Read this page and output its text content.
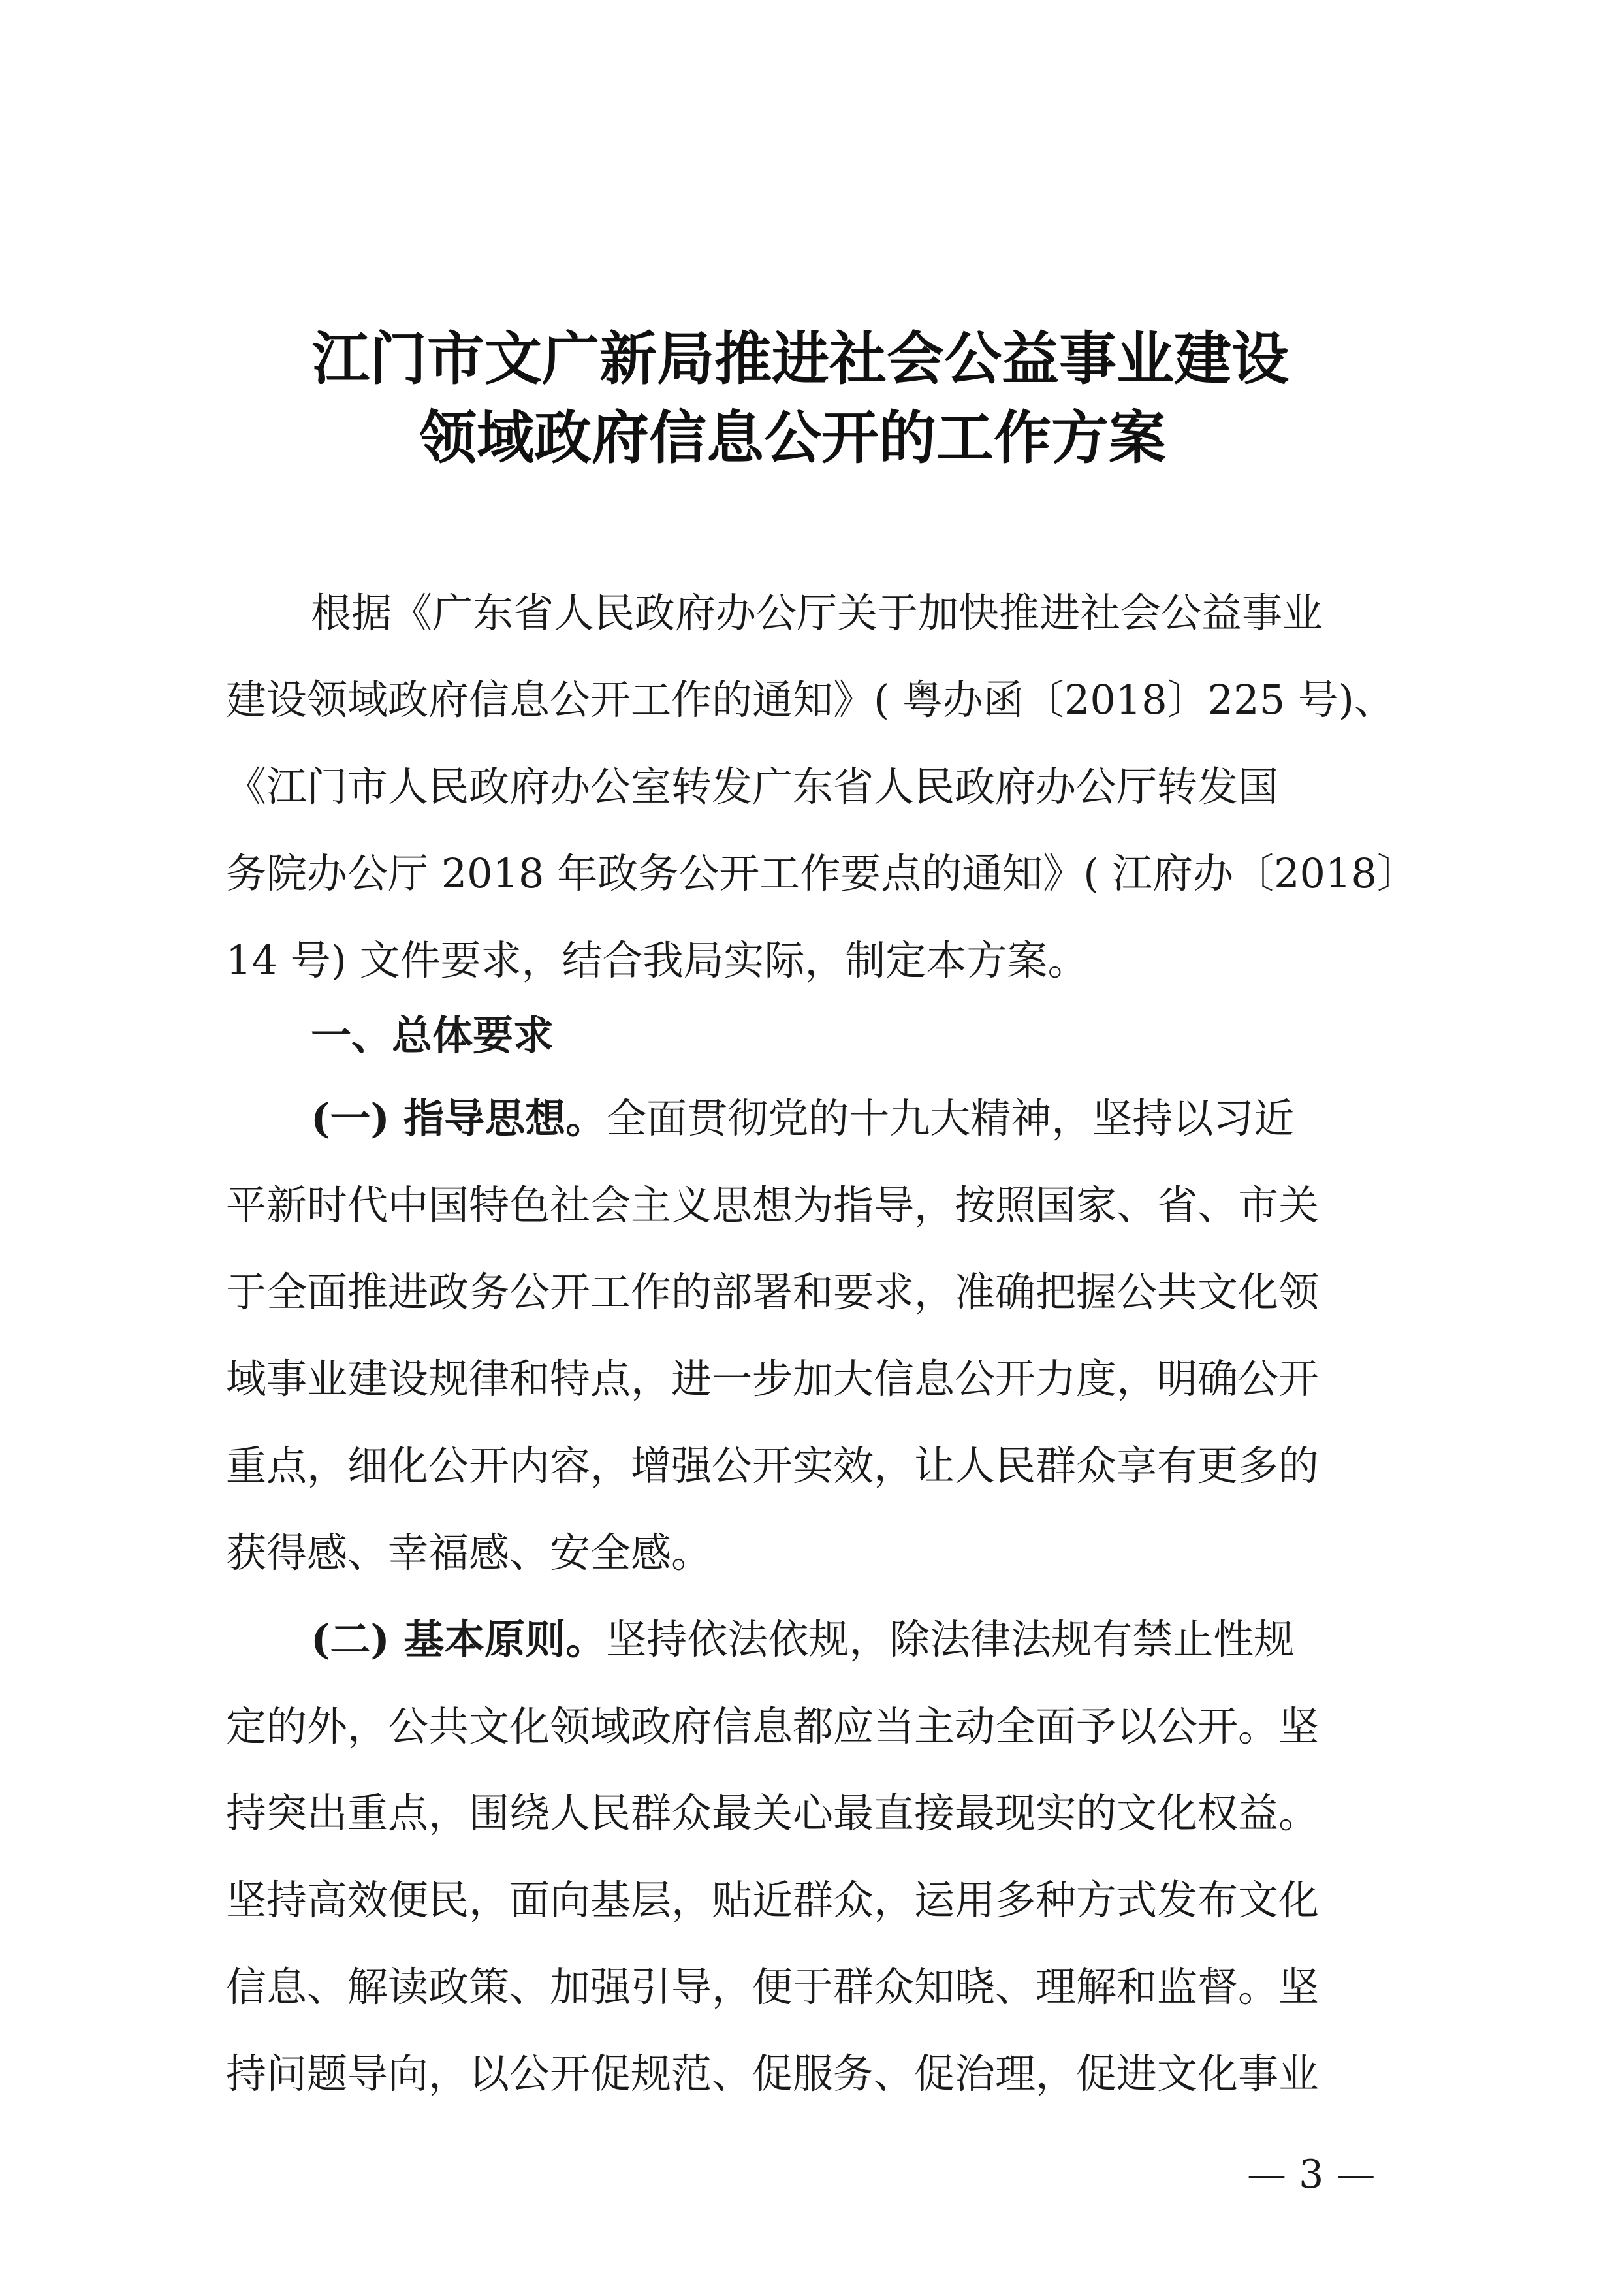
江门市文广新局推进社会公益事业建设
领域政府信息公开的工作方案
根据《广东省人民政府办公厅关于加快推进社会公益事业
建设领域政府信息公开工作的通知》( 粤办函〔2018〕225 号)、
《江门市人民政府办公室转发广东省人民政府办公厅转发国
务院办公厅 2018 年政务公开工作要点的通知》( 江府办〔2018〕
14 号) 文件要求，结合我局实际，制定本方案。
一、总体要求
(一) 指导思想。全面贯彻党的十九大精神，坚持以习近
平新时代中国特色社会主义思想为指导，按照国家、省、市关
于全面推进政务公开工作的部署和要求，准确把握公共文化领
域事业建设规律和特点，进一步加大信息公开力度，明确公开
重点，细化公开内容，增强公开实效，让人民群众享有更多的
获得感、幸福感、安全感。
(二) 基本原则。坚持依法依规，除法律法规有禁止性规
定的外，公共文化领域政府信息都应当主动全面予以公开。坚
持突出重点，围绕人民群众最关心最直接最现实的文化权益。
坚持高效便民，面向基层，贴近群众，运用多种方式发布文化
信息、解读政策、加强引导，便于群众知晓、理解和监督。坚
持问题导向，以公开促规范、促服务、促治理，促进文化事业
— 3 —
